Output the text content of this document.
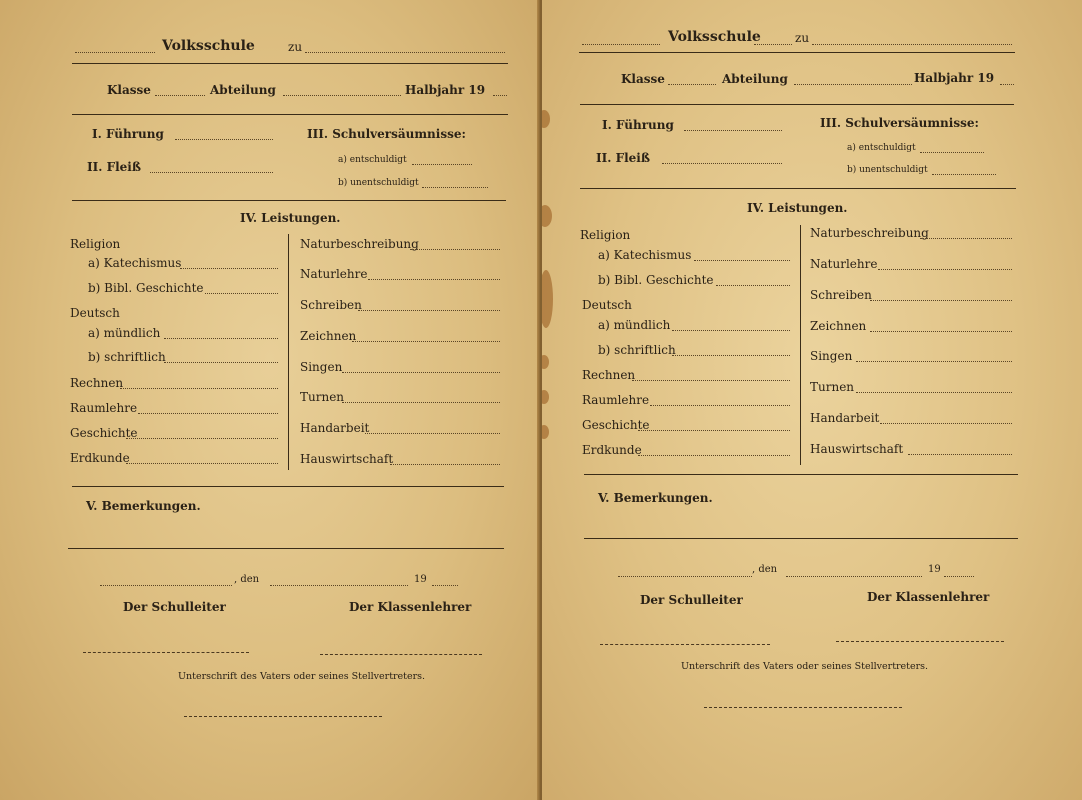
Volksschule	zu
Klasse	Abteilung	Halbjahr 19
I. Führung
II. Fleiß
III. Schulversäumnisse:
a) entschuldigt
b) unentschuldigt
IV. Leistungen.
Religion
a) Katechismus
b) Bibl. Geschichte
Deutsch
a) mündlich
b) schriftlich
Rechnen
Raumlehre
Geschichte
Erdkunde
Naturbeschreibung
Naturlehre
Schreiben
Zeichnen
Singen
Turnen
Handarbeit
Hauswirtschaft
V. Bemerkungen.
, den	19
Der Schulleiter	Der Klassenlehrer
Unterschrift des Vaters oder seines Stellvertreters.
Volksschule	zu
Klasse	Abteilung	Halbjahr 19
I. Führung
II. Fleiß
III. Schulversäumnisse:
a) entschuldigt
b) unentschuldigt
IV. Leistungen.
Religion
a) Katechismus
b) Bibl. Geschichte
Deutsch
a) mündlich
b) schriftlich
Rechnen
Raumlehre
Geschichte
Erdkunde
Naturbeschreibung
Naturlehre
Schreiben
Zeichnen
Singen
Turnen
Handarbeit
Hauswirtschaft
V. Bemerkungen.
, den	19
Der Schulleiter	Der Klassenlehrer
Unterschrift des Vaters oder seines Stellvertreters.
